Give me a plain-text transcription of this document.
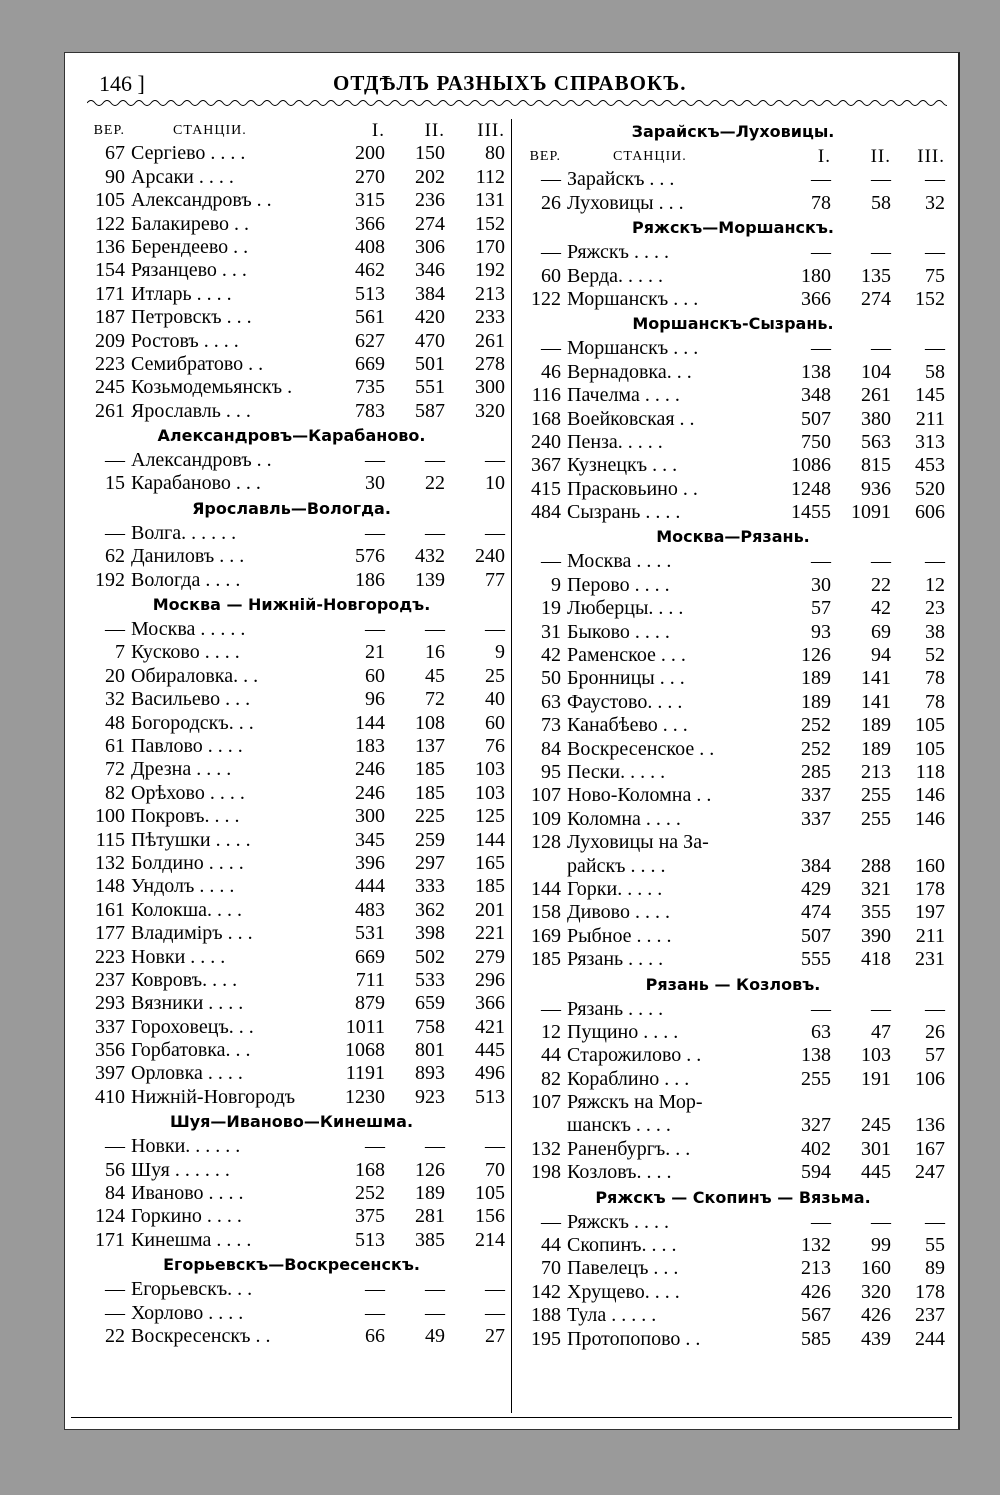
146 ]	ОТДѢЛЪ РАЗНЫХЪ СПРАВОКЪ.
ВЕР.	СТАНЦIИ.	I.	II.	III.
67 Сергiево . . . .	200	150	80
90 Арсаки . . . .	270	202	112
105 Александровъ . .	315	236	131
122 Балакирево . .	366	274	152
136 Берендеево . .	408	306	170
154 Рязанцево . . .	462	346	192
171 Итларь . . . .	513	384	213
187 Петровскъ . . .	561	420	233
209 Ростовъ . . . .	627	470	261
223 Семибратово . .	669	501	278
245 Козьмодемьянскъ .	735	551	300
261 Ярославль . . .	783	587	320
Александровъ—Карабаново.
— Александровъ . .	—	—	—
15 Карабаново . . .	30	22	10
Ярославль—Вологда.
— Волга. . . . . .	—	—	—
62 Даниловъ . . .	576	432	240
192 Вологда . . . .	186	139	77
Москва — Нижнiй-Новгородъ.
— Москва . . . . .	—	—	—
7 Кусково . . . .	21	16	9
20 Обираловка. . .	60	45	25
32 Васильево . . .	96	72	40
48 Богородскъ. . .	144	108	60
61 Павлово . . . .	183	137	76
72 Дрезна . . . .	246	185	103
82 Орѣхово . . . .	246	185	103
100 Покровъ. . . .	300	225	125
115 Пѣтушки . . . .	345	259	144
132 Болдино . . . .	396	297	165
148 Ундолъ . . . .	444	333	185
161 Колокша. . . .	483	362	201
177 Владимiръ . . .	531	398	221
223 Новки . . . .	669	502	279
237 Ковровъ. . . .	711	533	296
293 Вязники . . . .	879	659	366
337 Гороховецъ. . .	1011	758	421
356 Горбатовка. . .	1068	801	445
397 Орловка . . . .	1191	893	496
410 Нижнiй-Новгородъ	1230	923	513
Шуя—Иваново—Кинешма.
— Новки. . . . . .	—	—	—
56 Шуя . . . . . .	168	126	70
84 Иваново . . . .	252	189	105
124 Горкино . . . .	375	281	156
171 Кинешма . . . .	513	385	214
Егорьевскъ—Воскресенскъ.
— Егорьевскъ. . .	—	—	—
— Хорлово . . . .	—	—	—
22 Воскресенскъ . .	66	49	27
Зарайскъ—Луховицы.
ВЕР.	СТАНЦIИ.	I.	II.	III.
— Зарайскъ . . .	—	—	—
26 Луховицы . . .	78	58	32
Ряжскъ—Моршанскъ.
— Ряжскъ . . . .	—	—	—
60 Верда. . . . .	180	135	75
122 Моршанскъ . . .	366	274	152
Моршанскъ-Сызрань.
— Моршанскъ . . .	—	—	—
46 Вернадовка. . .	138	104	58
116 Пачелма . . . .	348	261	145
168 Воейковская . .	507	380	211
240 Пенза. . . . .	750	563	313
367 Кузнецкъ . . .	1086	815	453
415 Прасковьино . .	1248	936	520
484 Сызрань . . . .	1455	1091	606
Москва—Рязань.
— Москва . . . .	—	—	—
9 Перово . . . .	30	22	12
19 Люберцы. . . .	57	42	23
31 Быково . . . .	93	69	38
42 Раменское . . .	126	94	52
50 Бронницы . . .	189	141	78
63 Фаустово. . . .	189	141	78
73 Канабѣево . . .	252	189	105
84 Воскресенское . .	252	189	105
95 Пески. . . . .	285	213	118
107 Ново-Коломна . .	337	255	146
109 Коломна . . . .	337	255	146
128 Луховицы на За-
райскъ . . . .	384	288	160
144 Горки. . . . .	429	321	178
158 Дивово . . . .	474	355	197
169 Рыбное . . . .	507	390	211
185 Рязань . . . .	555	418	231
Рязань — Козловъ.
— Рязань . . . .	—	—	—
12 Пущино . . . .	63	47	26
44 Старожилово . .	138	103	57
82 Кораблино . . .	255	191	106
107 Ряжскъ на Мор-
шанскъ . . . .	327	245	136
132 Раненбургъ. . .	402	301	167
198 Козловъ. . . .	594	445	247
Ряжскъ — Скопинъ — Вязьма.
— Ряжскъ . . . .	—	—	—
44 Скопинъ. . . .	132	99	55
70 Павелецъ . . .	213	160	89
142 Хрущево. . . .	426	320	178
188 Тула . . . . .	567	426	237
195 Протопопово . .	585	439	244
